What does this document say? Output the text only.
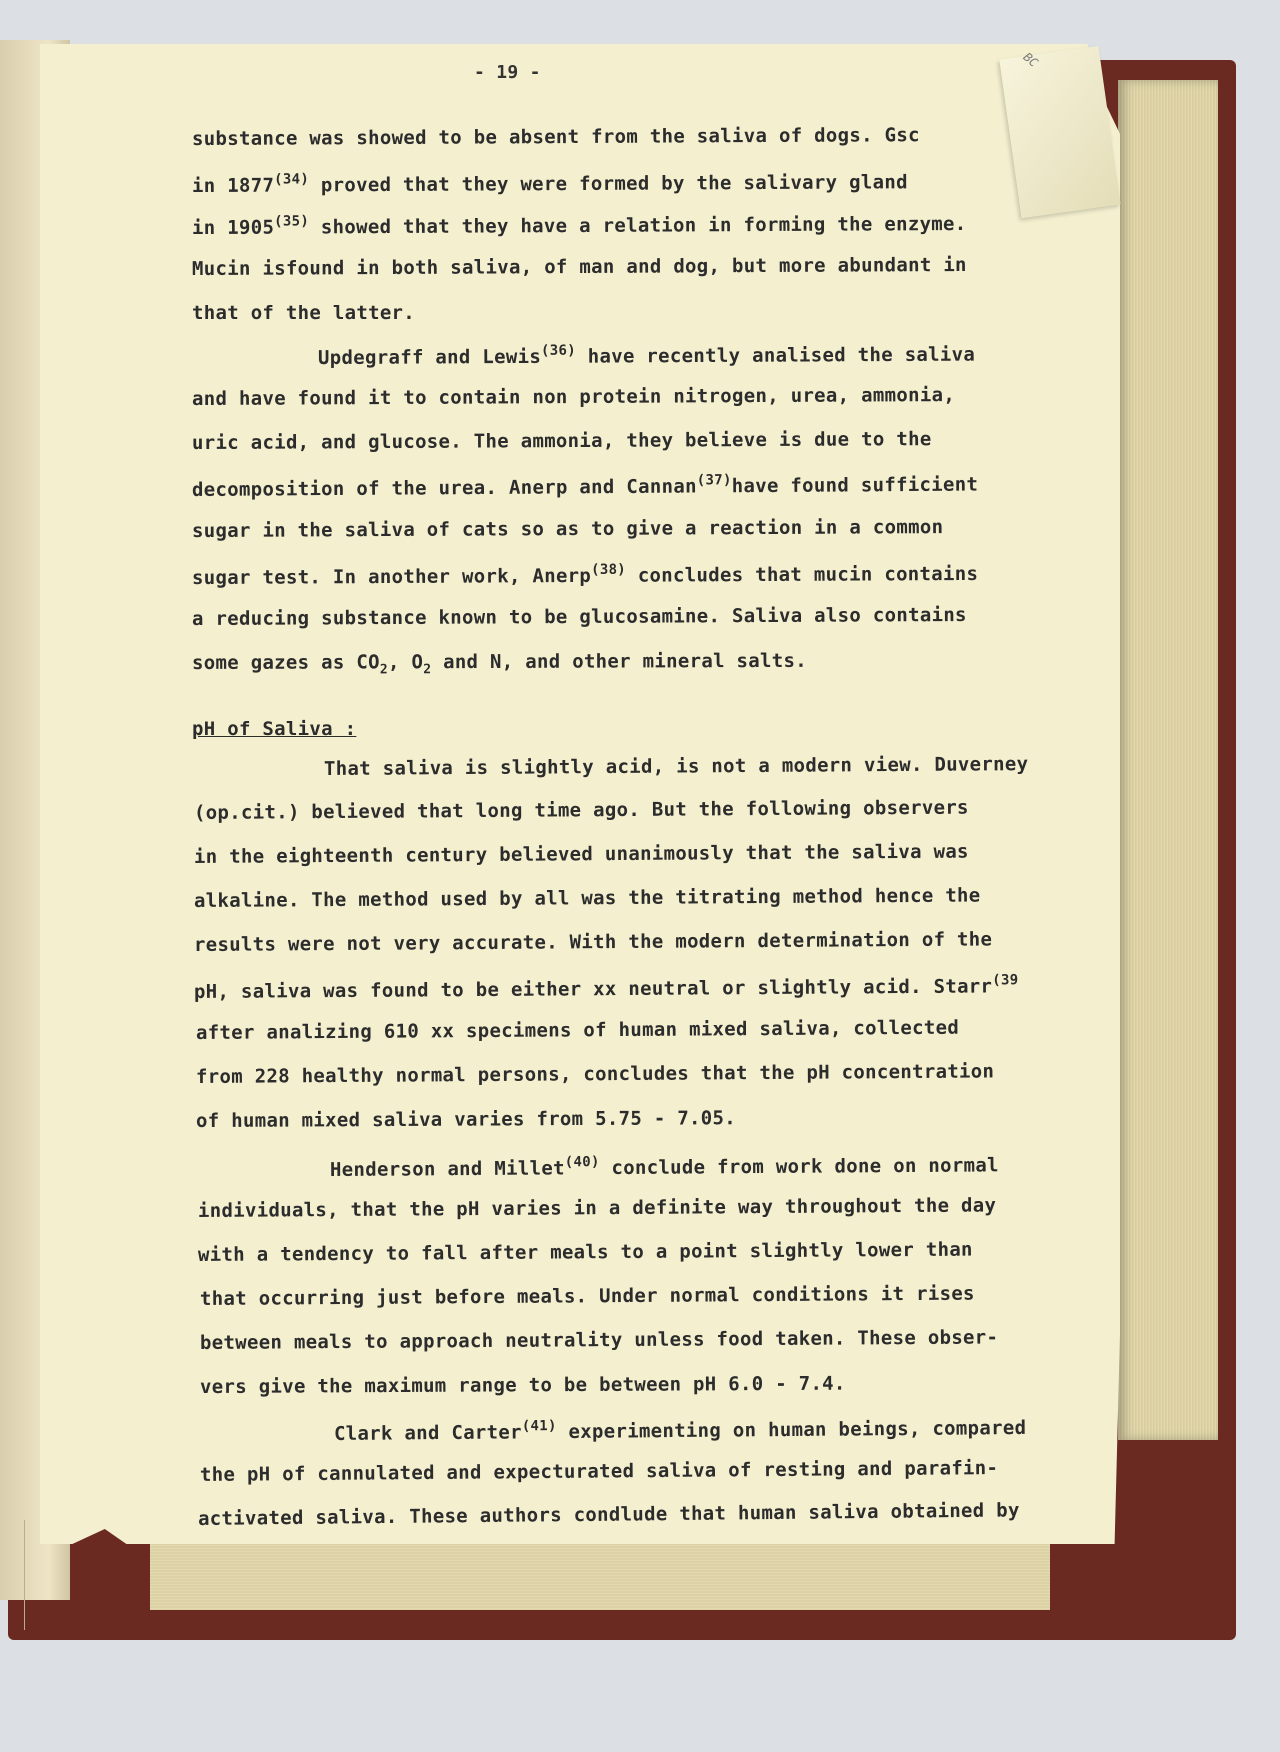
BC
- 19 -
substance was showed to be absent from the saliva of dogs. Gsc
in 1877$^{(34)}$ proved that they were formed by the salivary gland
in 1905$^{(35)}$ showed that they have a relation in forming the enzyme.
Mucin isfound in both saliva, of man and dog, but more abundant in
that of the latter.
Updegraff and Lewis$^{(36)}$ have recently analised the saliva
and have found it to contain non protein nitrogen, urea, ammonia,
uric acid, and glucose. The ammonia, they believe is due to the
decomposition of the urea. Anerp and Cannan$^{(37)}$have found sufficient
sugar in the saliva of cats so as to give a reaction in a common
sugar test. In another work, Anerp$^{(38)}$ concludes that mucin contains
a reducing substance known to be glucosamine. Saliva also contains
some gazes as $CO_2$, $O_2$ and N, and other mineral salts.
pH of Saliva :
That saliva is slightly acid, is not a modern view. Duverney
(op.cit.) believed that long time ago. But the following observers
in the eighteenth century believed unanimously that the saliva was
alkaline. The method used by all was the titrating method hence the
results were not very accurate. With the modern determination of the
pH, saliva was found to be either xx neutral or slightly acid. Starr$^{(39}$
after analizing 610 xx specimens of human mixed saliva, collected
from 228 healthy normal persons, concludes that the pH concentration
of human mixed saliva varies from 5.75 - 7.05.
Henderson and Millet$^{(40)}$ conclude from work done on normal
individuals, that the pH varies in a definite way throughout the day
with a tendency to fall after meals to a point slightly lower than
that occurring just before meals. Under normal conditions it rises
between meals to approach neutrality unless food taken. These obser-
vers give the maximum range to be between pH 6.0 - 7.4.
Clark and Carter$^{(41)}$ experimenting on human beings, compared
the pH of cannulated and expecturated saliva of resting and parafin-
activated saliva. These authors condlude that human saliva obtained by
